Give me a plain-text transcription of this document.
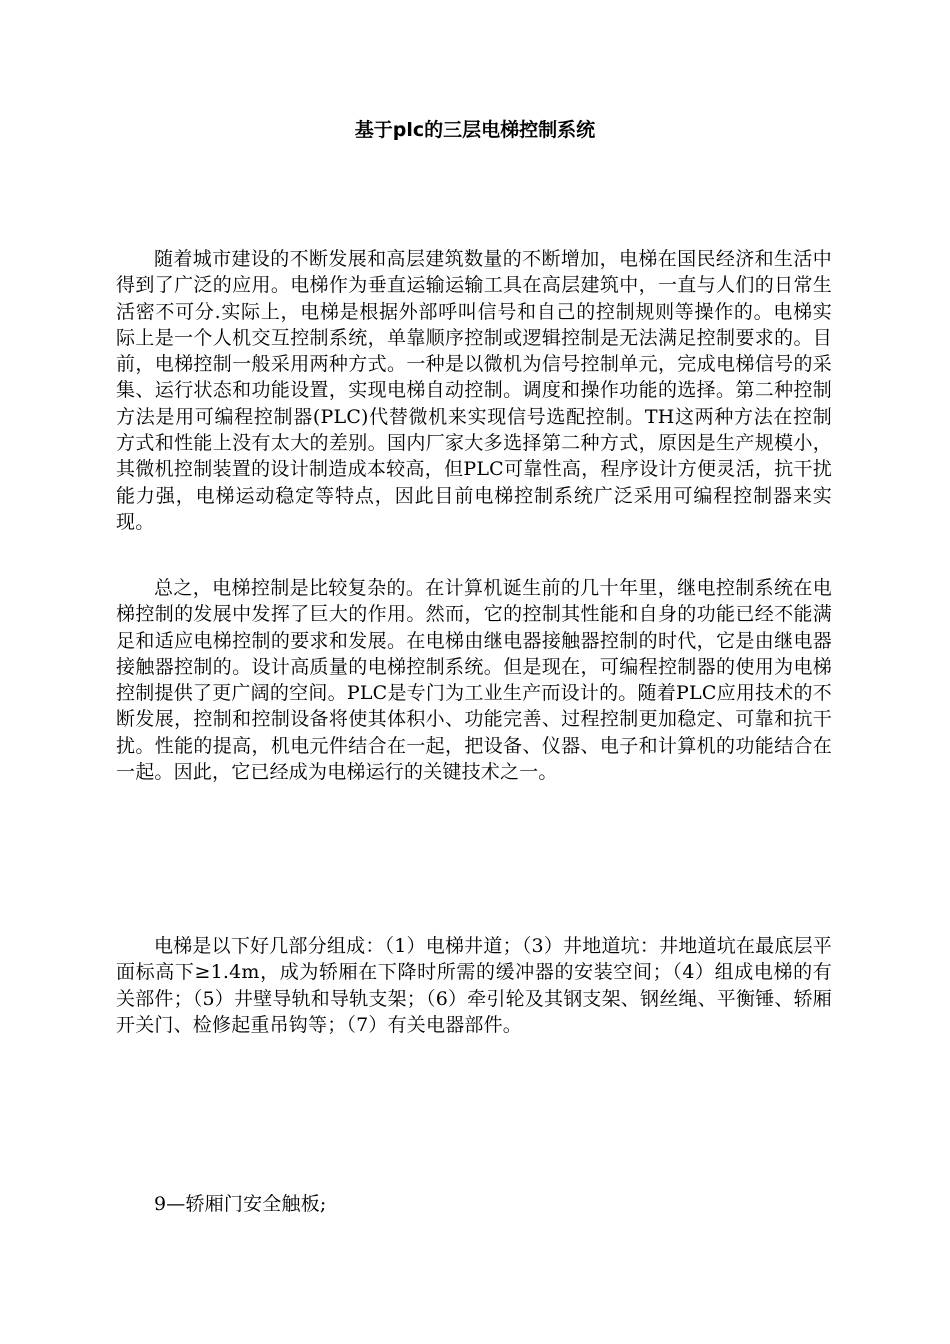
基于plc的三层电梯控制系统

随着城市建设的不断发展和高层建筑数量的不断增加，电梯在国民经济和生活中得到了广泛的应用。电梯作为垂直运输运输工具在高层建筑中，一直与人们的日常生活密不可分.实际上，电梯是根据外部呼叫信号和自己的控制规则等操作的。电梯实际上是一个人机交互控制系统，单靠顺序控制或逻辑控制是无法满足控制要求的。目前，电梯控制一般采用两种方式。一种是以微机为信号控制单元，完成电梯信号的采集、运行状态和功能设置，实现电梯自动控制。调度和操作功能的选择。第二种控制方法是用可编程控制器(PLC)代替微机来实现信号选配控制。TH这两种方法在控制方式和性能上没有太大的差别。国内厂家大多选择第二种方式，原因是生产规模小，其微机控制装置的设计制造成本较高，但PLC可靠性高，程序设计方便灵活，抗干扰能力强，电梯运动稳定等特点，因此目前电梯控制系统广泛采用可编程控制器来实现。

总之，电梯控制是比较复杂的。在计算机诞生前的几十年里，继电控制系统在电梯控制的发展中发挥了巨大的作用。然而，它的控制其性能和自身的功能已经不能满足和适应电梯控制的要求和发展。在电梯由继电器接触器控制的时代，它是由继电器接触器控制的。设计高质量的电梯控制系统。但是现在，可编程控制器的使用为电梯控制提供了更广阔的空间。PLC是专门为工业生产而设计的。随着PLC应用技术的不断发展，控制和控制设备将使其体积小、功能完善、过程控制更加稳定、可靠和抗干扰。性能的提高，机电元件结合在一起，把设备、仪器、电子和计算机的功能结合在一起。因此，它已经成为电梯运行的关键技术之一。

电梯是以下好几部分组成：（1）电梯井道；（3）井地道坑：井地道坑在最底层平面标高下≥1.4m，成为轿厢在下降时所需的缓冲器的安装空间；（4）组成电梯的有关部件；（5）井壁导轨和导轨支架；（6）牵引轮及其钢支架、钢丝绳、平衡锤、轿厢开关门、检修起重吊钩等；（7）有关电器部件。

9—轿厢门安全触板;
